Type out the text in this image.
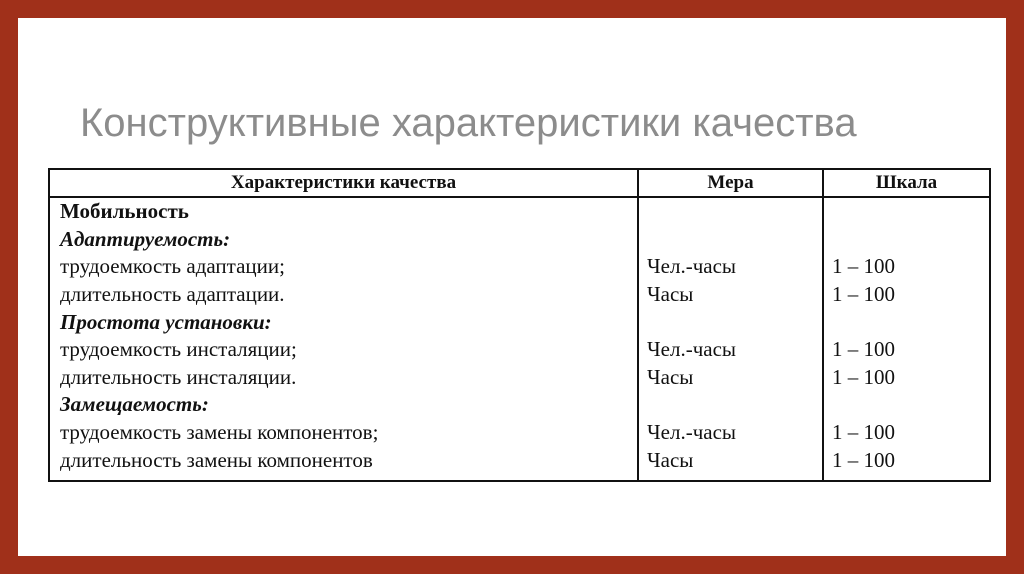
Конструктивные характеристики качества
Характеристики качества	Мера	Шкала
Мобильность		
Адаптируемость:		
трудоемкость адаптации;	Чел.-часы	1 – 100
длительность адаптации.	Часы	1 – 100
Простота установки:		
трудоемкость инсталяции;	Чел.-часы	1 – 100
длительность инсталяции.	Часы	1 – 100
Замещаемость:		
трудоемкость замены компонентов;	Чел.-часы	1 – 100
длительность замены компонентов	Часы	1 – 100
